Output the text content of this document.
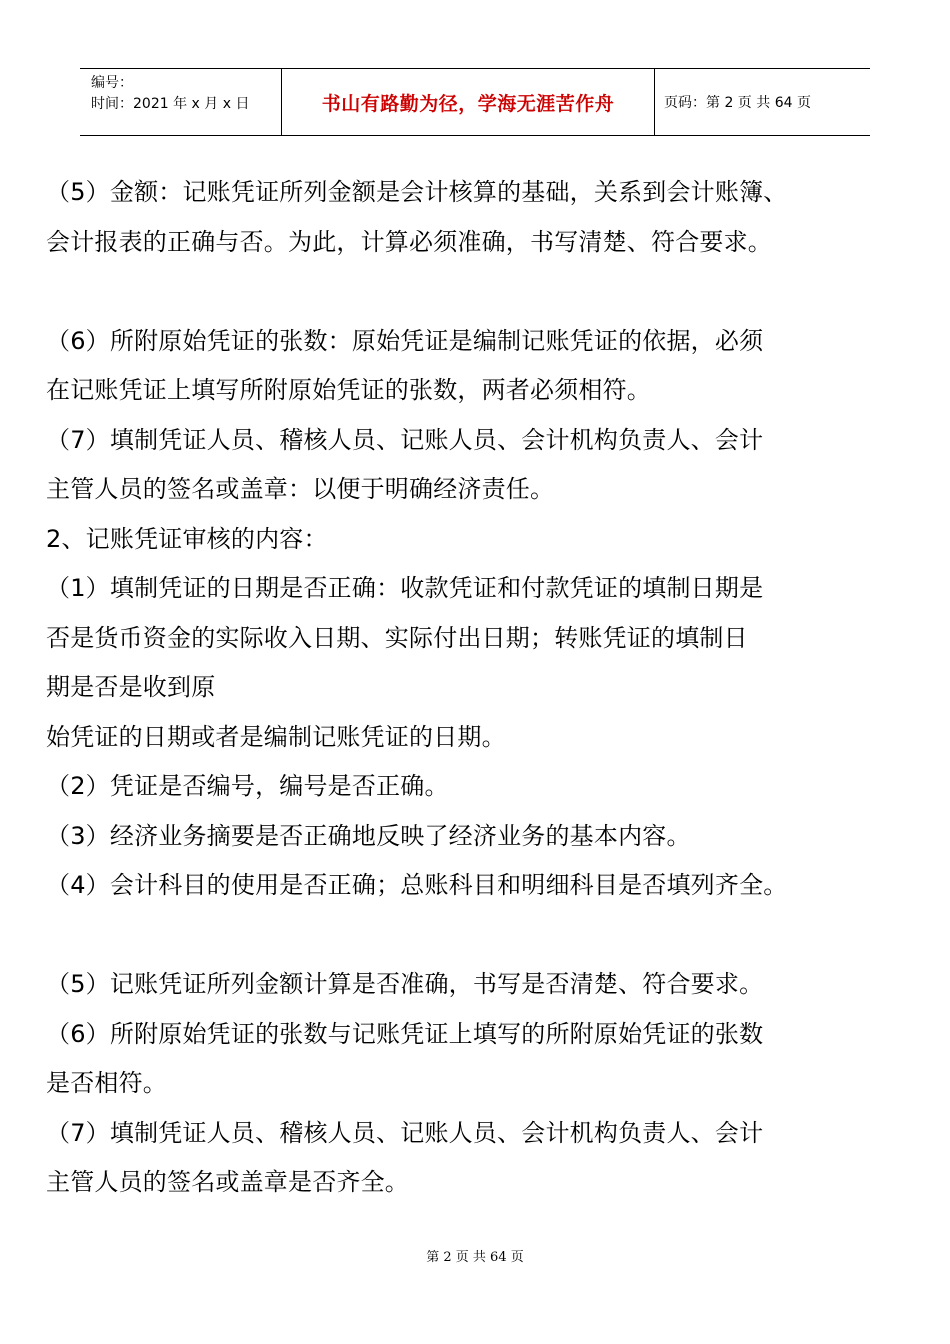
编号：
时间：2021 年 x 月 x 日	书山有路勤为径，学海无涯苦作舟	页码：第 2 页 共 64 页
（5）金额：记账凭证所列金额是会计核算的基础，关系到会计账簿、
会计报表的正确与否。为此，计算必须准确，书写清楚、符合要求。
（6）所附原始凭证的张数：原始凭证是编制记账凭证的依据，必须
在记账凭证上填写所附原始凭证的张数，两者必须相符。
（7）填制凭证人员、稽核人员、记账人员、会计机构负责人、会计
主管人员的签名或盖章：以便于明确经济责任。
2、记账凭证审核的内容：
（1）填制凭证的日期是否正确：收款凭证和付款凭证的填制日期是
否是货币资金的实际收入日期、实际付出日期；转账凭证的填制日
期是否是收到原
始凭证的日期或者是编制记账凭证的日期。
（2）凭证是否编号，编号是否正确。
（3）经济业务摘要是否正确地反映了经济业务的基本内容。
（4）会计科目的使用是否正确；总账科目和明细科目是否填列齐全。
（5）记账凭证所列金额计算是否准确，书写是否清楚、符合要求。
（6）所附原始凭证的张数与记账凭证上填写的所附原始凭证的张数
是否相符。
（7）填制凭证人员、稽核人员、记账人员、会计机构负责人、会计
主管人员的签名或盖章是否齐全。
第 2 页 共 64 页
